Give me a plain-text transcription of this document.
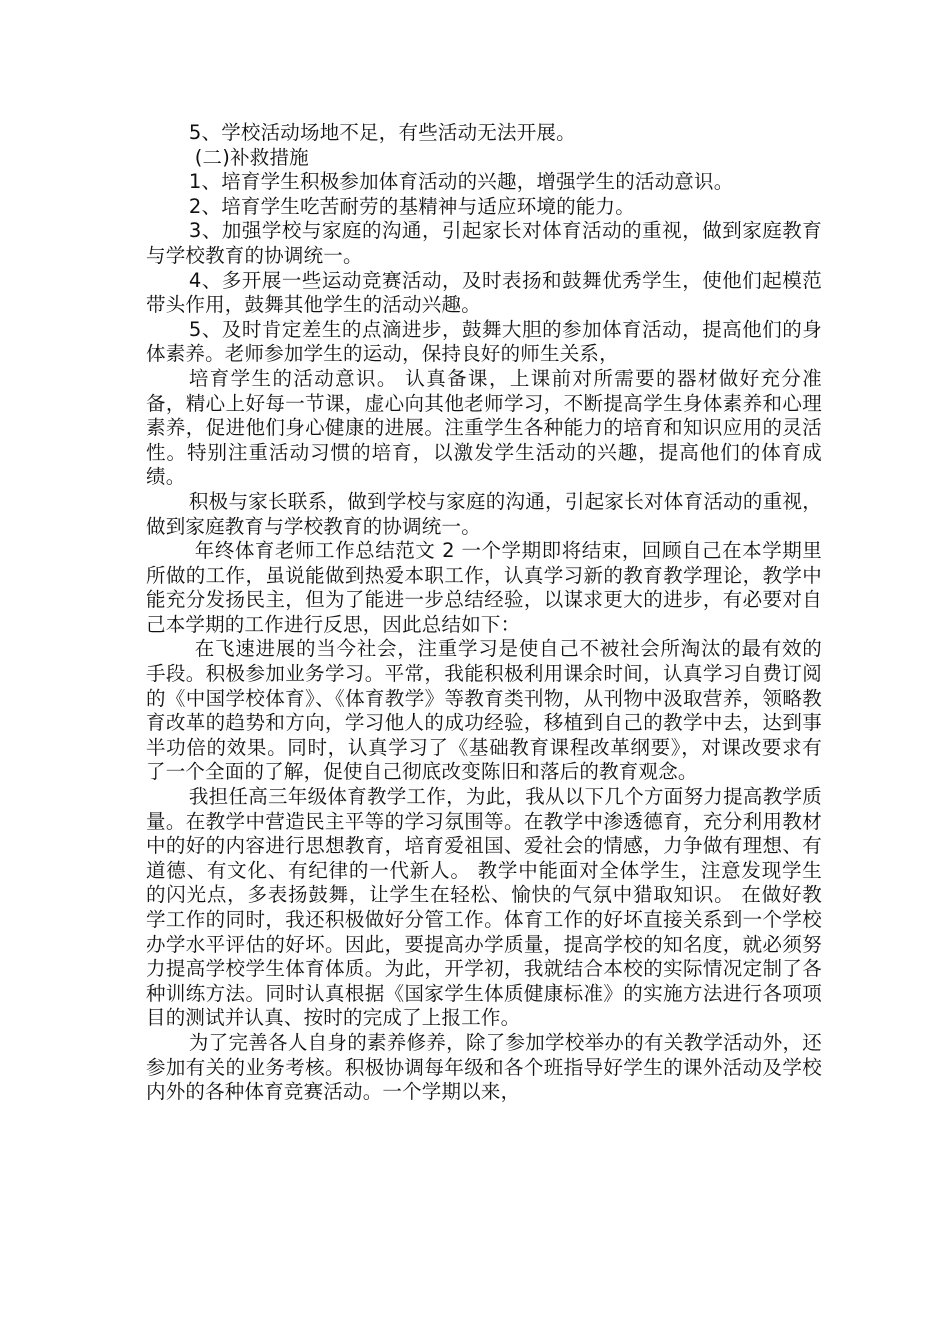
5、学校活动场地不足，有些活动无法开展。

(二)补救措施

1、培育学生积极参加体育活动的兴趣，增强学生的活动意识。

2、培育学生吃苦耐劳的基精神与适应环境的能力。

3、加强学校与家庭的沟通，引起家长对体育活动的重视，做到家庭教育与学校教育的协调统一。

4、多开展一些运动竞赛活动，及时表扬和鼓舞优秀学生，使他们起模范带头作用，鼓舞其他学生的活动兴趣。

5、及时肯定差生的点滴进步，鼓舞大胆的参加体育活动，提高他们的身体素养。老师参加学生的运动，保持良好的师生关系，

培育学生的活动意识。 认真备课，上课前对所需要的器材做好充分准备，精心上好每一节课，虚心向其他老师学习，不断提高学生身体素养和心理素养，促进他们身心健康的进展。注重学生各种能力的培育和知识应用的灵活性。特别注重活动习惯的培育，以激发学生活动的兴趣，提高他们的体育成绩。

积极与家长联系，做到学校与家庭的沟通，引起家长对体育活动的重视，做到家庭教育与学校教育的协调统一。

年终体育老师工作总结范文 2 一个学期即将结束，回顾自己在本学期里所做的工作，虽说能做到热爱本职工作，认真学习新的教育教学理论，教学中能充分发扬民主，但为了能进一步总结经验，以谋求更大的进步，有必要对自己本学期的工作进行反思，因此总结如下：

在飞速进展的当今社会，注重学习是使自己不被社会所淘汰的最有效的手段。积极参加业务学习。平常，我能积极利用课余时间，认真学习自费订阅的《中国学校体育》、《体育教学》等教育类刊物，从刊物中汲取营养，领略教育改革的趋势和方向，学习他人的成功经验，移植到自己的教学中去，达到事半功倍的效果。同时，认真学习了《基础教育课程改革纲要》，对课改要求有了一个全面的了解，促使自己彻底改变陈旧和落后的教育观念。

我担任高三年级体育教学工作，为此，我从以下几个方面努力提高教学质量。在教学中营造民主平等的学习氛围等。在教学中渗透德育，充分利用教材中的好的内容进行思想教育，培育爱祖国、爱社会的情感，力争做有理想、有道德、有文化、有纪律的一代新人。 教学中能面对全体学生，注意发现学生的闪光点，多表扬鼓舞，让学生在轻松、愉快的气氛中猎取知识。 在做好教学工作的同时，我还积极做好分管工作。体育工作的好坏直接关系到一个学校办学水平评估的好坏。因此，要提高办学质量，提高学校的知名度，就必须努力提高学校学生体育体质。为此，开学初，我就结合本校的实际情况定制了各种训练方法。同时认真根据《国家学生体质健康标准》的实施方法进行各项项目的测试并认真、按时的完成了上报工作。

为了完善各人自身的素养修养，除了参加学校举办的有关教学活动外，还参加有关的业务考核。积极协调每年级和各个班指导好学生的课外活动及学校内外的各种体育竞赛活动。一个学期以来，
